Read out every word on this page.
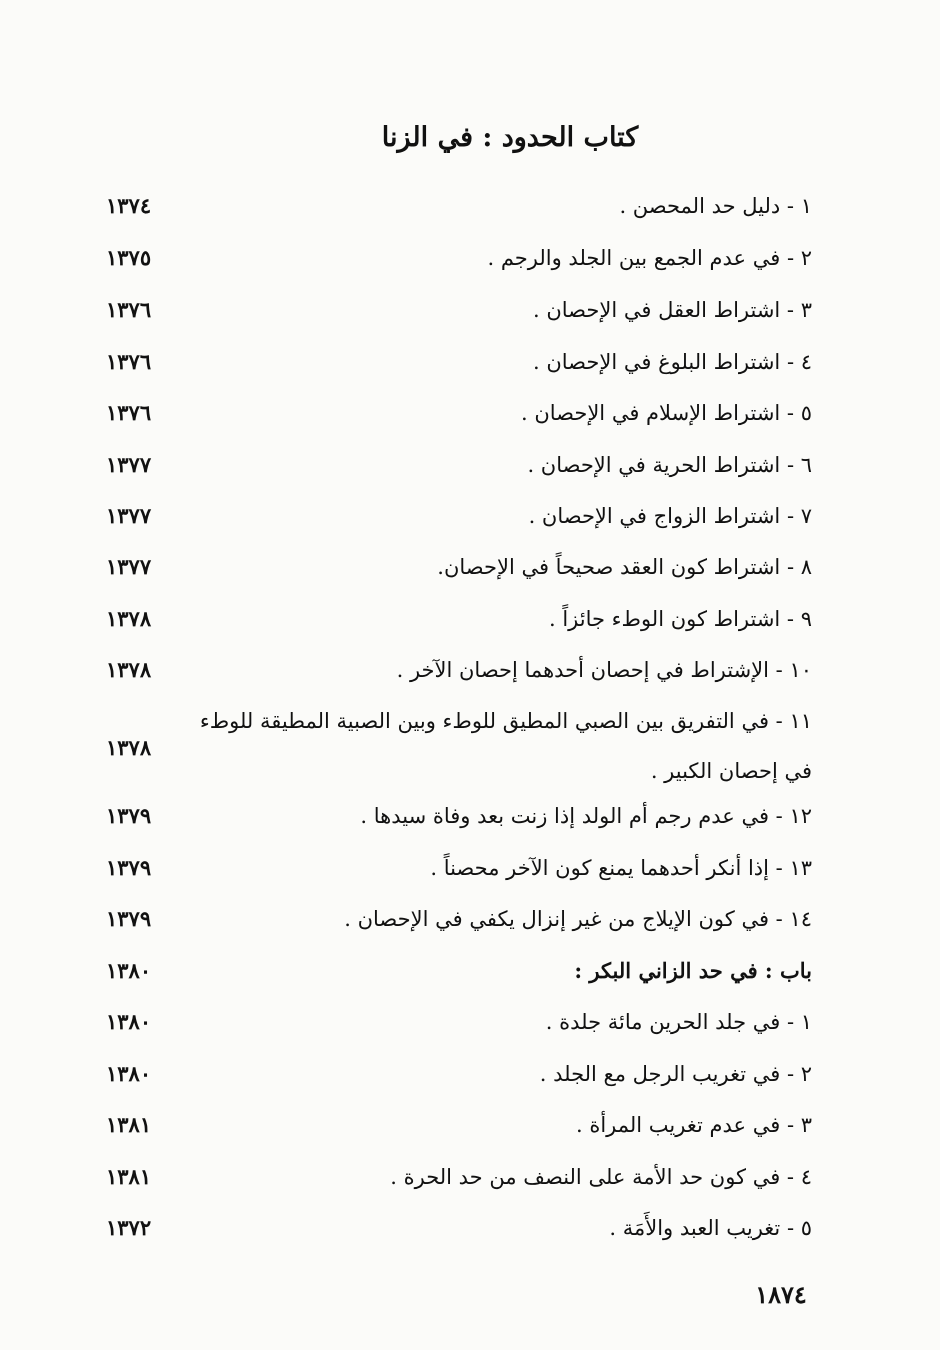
كتاب الحدود : في الزنا
١ - دليل حد المحصن .
١٣٧٤
٢ - في عدم الجمع بين الجلد والرجم .
١٣٧٥
٣ - اشتراط العقل في الإحصان .
١٣٧٦
٤ - اشتراط البلوغ في الإحصان .
١٣٧٦
٥ - اشتراط الإسلام في الإحصان .
١٣٧٦
٦ - اشتراط الحرية في الإحصان .
١٣٧٧
٧ - اشتراط الزواج في الإحصان .
١٣٧٧
٨ - اشتراط كون العقد صحيحاً في الإحصان.
١٣٧٧
٩ - اشتراط كون الوطء جائزاً .
١٣٧٨
١٠ - الإشتراط في إحصان أحدهما إحصان الآخر .
١٣٧٨
١١ - في التفريق بين الصبي المطيق للوطء وبين الصبية المطيقة للوطء في إحصان الكبير .
١٣٧٨
١٢ - في عدم رجم أم الولد إذا زنت بعد وفاة سيدها .
١٣٧٩
١٣ - إذا أنكر أحدهما يمنع كون الآخر محصناً .
١٣٧٩
١٤ - في كون الإيلاج من غير إنزال يكفي في الإحصان .
١٣٧٩
باب : في حد الزاني البكر :
١٣٨٠
١ - في جلد الحرين مائة جلدة .
١٣٨٠
٢ - في تغريب الرجل مع الجلد .
١٣٨٠
٣ - في عدم تغريب المرأة .
١٣٨١
٤ - في كون حد الأمة على النصف من حد الحرة .
١٣٨١
٥ - تغريب العبد والأَمَة .
١٣٧٢
١٨٧٤
